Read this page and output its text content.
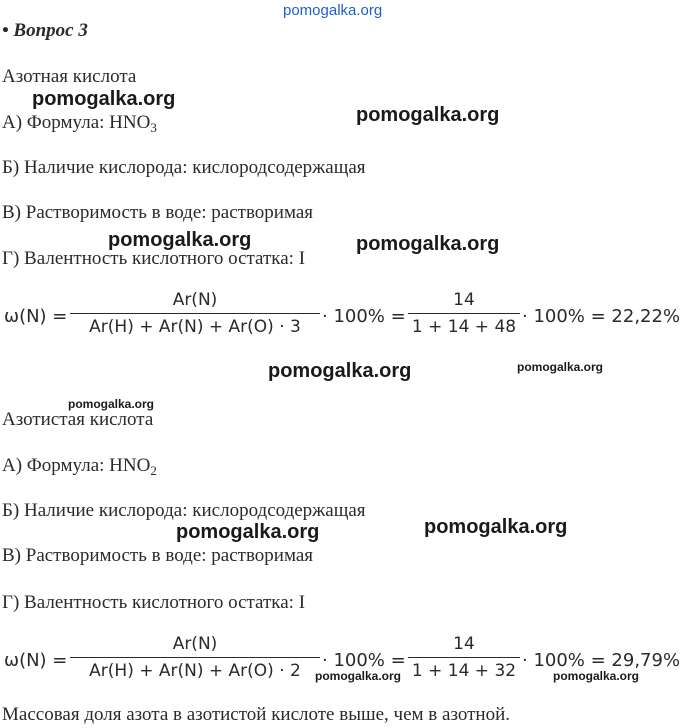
pomogalka.org
pomogalka.org
pomogalka.org
pomogalka.org	pomogalka.org
pomogalka.org	pomogalka.org
pomogalka.org
pomogalka.org	pomogalka.org
pomogalka.org	pomogalka.org
• Вопрос 3
Азотная кислота
А) Формула: $HNO_3$
Б) Наличие кислорода: кислородсодержащая
В) Растворимость в воде: растворимая
Г) Валентность кислотного остатка: I
ω(N) =
Ar(N)
Ar(H) + Ar(N) + Ar(O) · 3	· 100% =
14
1 + 14 + 48 · 100% = 22,22%
Азотистая кислота
А) Формула: $HNO_2$
Б) Наличие кислорода: кислородсодержащая
В) Растворимость в воде: растворимая
Г) Валентность кислотного остатка: I
ω(N) =
Ar(N)
Ar(H) + Ar(N) + Ar(O) · 2	· 100% =
14
1 + 14 + 32 · 100% = 29,79%
Массовая доля азота в азотистой кислоте выше, чем в азотной.
